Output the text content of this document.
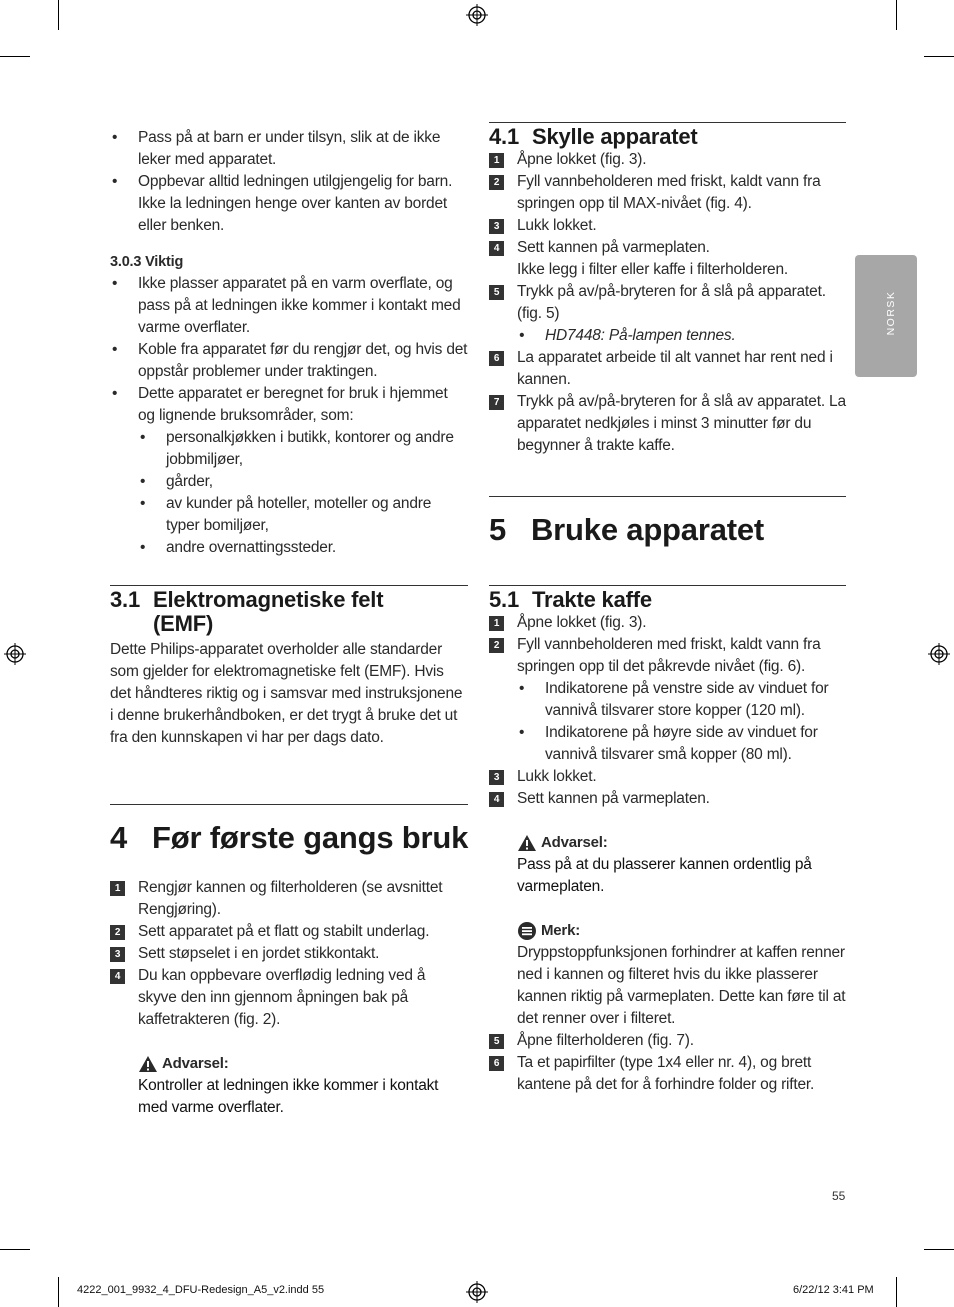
NORSK

• Pass på at barn er under tilsyn, slik at de ikke leker med apparatet.

• Oppbevar alltid ledningen utilgjengelig for barn. Ikke la ledningen henge over kanten av bordet eller benken.

3.0.3 Viktig

• Ikke plasser apparatet på en varm overflate, og pass på at ledningen ikke kommer i kontakt med varme overflater.

• Koble fra apparatet før du rengjør det, og hvis det oppstår problemer under traktingen.

• Dette apparatet er beregnet for bruk i hjemmet og lignende bruksområder, som:

• personalkjøkken i butikk, kontorer og andre jobbmiljøer,

• gårder,

• av kunder på hoteller, moteller og andre typer bomiljøer,

• andre overnattingssteder.

3.1 Elektromagnetiske felt (EMF)

Dette Philips-apparatet overholder alle standarder som gjelder for elektromagnetiske felt (EMF). Hvis det håndteres riktig og i samsvar med instruksjonene i denne brukerhåndboken, er det trygt å bruke det ut fra den kunnskapen vi har per dags dato.

4 Før første gangs bruk
1	Rengjør kannen og filterholderen (se avsnittet Rengjøring).
2	Sett apparatet på et flatt og stabilt underlag.
3	Sett støpselet i en jordet stikkontakt.
4	Du kan oppbevare overflødig ledning ved å skyve den inn gjennom åpningen bak på kaffetrakteren (fig. 2).

Advarsel:

Kontroller at ledningen ikke kommer i kontakt med varme overflater.

4.1 Skylle apparatet
1	Åpne lokket (fig. 3).
2	Fyll vannbeholderen med friskt, kaldt vann fra springen opp til MAX-nivået (fig. 4).
3	Lukk lokket.
4	Sett kannen på varmeplaten.
Ikke legg i filter eller kaffe i filterholderen.
5	Trykk på av/på-bryteren for å slå på apparatet. (fig. 5)

• HD7448: På-lampen tennes.

6	La apparatet arbeide til alt vannet har rent ned i kannen.
7	Trykk på av/på-bryteren for å slå av apparatet. La apparatet nedkjøles i minst 3 minutter før du begynner å trakte kaffe.
5 Bruke apparatet
5.1 Trakte kaffe
1	Åpne lokket (fig. 3).
2	Fyll vannbeholderen med friskt, kaldt vann fra springen opp til det påkrevde nivået (fig. 6).

• Indikatorene på venstre side av vinduet for vannivå tilsvarer store kopper (120 ml).

• Indikatorene på høyre side av vinduet for vannivå tilsvarer små kopper (80 ml).

3	Lukk lokket.
4	Sett kannen på varmeplaten.

Advarsel:

Pass på at du plasserer kannen ordentlig på varmeplaten.

Merk:

Dryppstoppfunksjonen forhindrer at kaffen renner ned i kannen og filteret hvis du ikke plasserer kannen riktig på varmeplaten. Dette kan føre til at det renner over i filteret.

5	Åpne filterholderen (fig. 7).
6	Ta et papirfilter (type 1x4 eller nr. 4), og brett kantene på det for å forhindre folder og rifter.
55
4222_001_9932_4_DFU-Redesign_A5_v2.indd 55	6/22/12 3:41 PM
